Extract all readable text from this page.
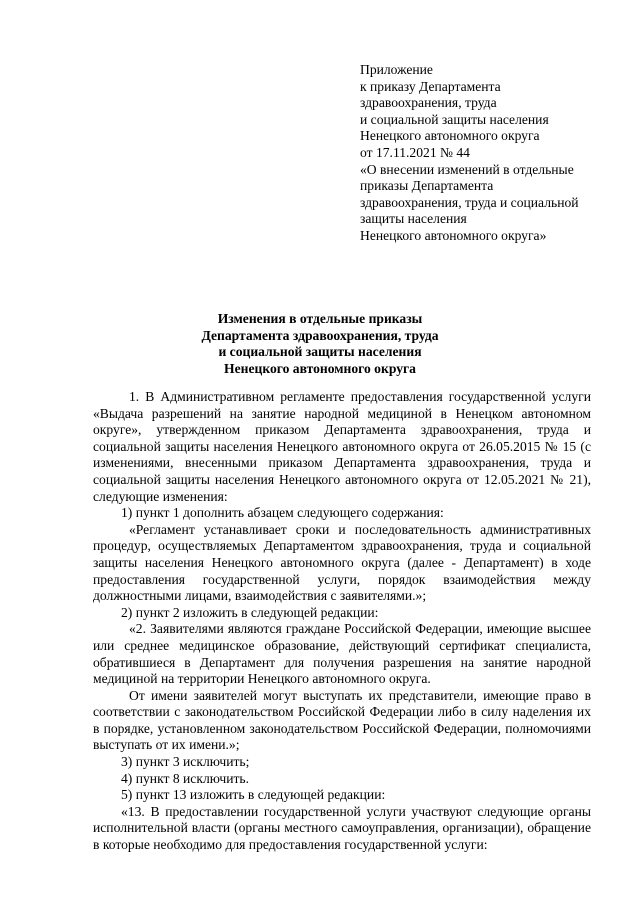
Приложение
к приказу Департамента
здравоохранения, труда
и социальной защиты населения
Ненецкого автономного округа
от 17.11.2021 № 44
«О внесении изменений в отдельные
приказы Департамента
здравоохранения, труда и социальной
защиты населения
Ненецкого автономного округа»
Изменения в отдельные приказы
Департамента здравоохранения, труда
и социальной защиты населения
Ненецкого автономного округа

1. В Административном регламенте предоставления государственной услуги «Выдача разрешений на занятие народной медициной в Ненецком автономном округе», утвержденном приказом Департамента здравоохранения, труда и социальной защиты населения Ненецкого автономного округа от 26.05.2015 № 15 (с изменениями, внесенными приказом Департамента здравоохранения, труда и социальной защиты населения Ненецкого автономного округа от 12.05.2021 № 21), следующие изменения:

1) пункт 1 дополнить абзацем следующего содержания:

«Регламент устанавливает сроки и последовательность административных процедур, осуществляемых Департаментом здравоохранения, труда и социальной защиты населения Ненецкого автономного округа (далее - Департамент) в ходе предоставления государственной услуги, порядок взаимодействия между должностными лицами, взаимодействия с заявителями.»;

2) пункт 2 изложить в следующей редакции:

«2. Заявителями являются граждане Российской Федерации, имеющие высшее или среднее медицинское образование, действующий сертификат специалиста, обратившиеся в Департамент для получения разрешения на занятие народной медициной на территории Ненецкого автономного округа.

От имени заявителей могут выступать их представители, имеющие право в соответствии с законодательством Российской Федерации либо в силу наделения их в порядке, установленном законодательством Российской Федерации, полномочиями выступать от их имени.»;

3) пункт 3 исключить;

4) пункт 8 исключить.

5) пункт 13 изложить в следующей редакции:

«13. В предоставлении государственной услуги участвуют следующие органы исполнительной власти (органы местного самоуправления, организации), обращение в которые необходимо для предоставления государственной услуги:
